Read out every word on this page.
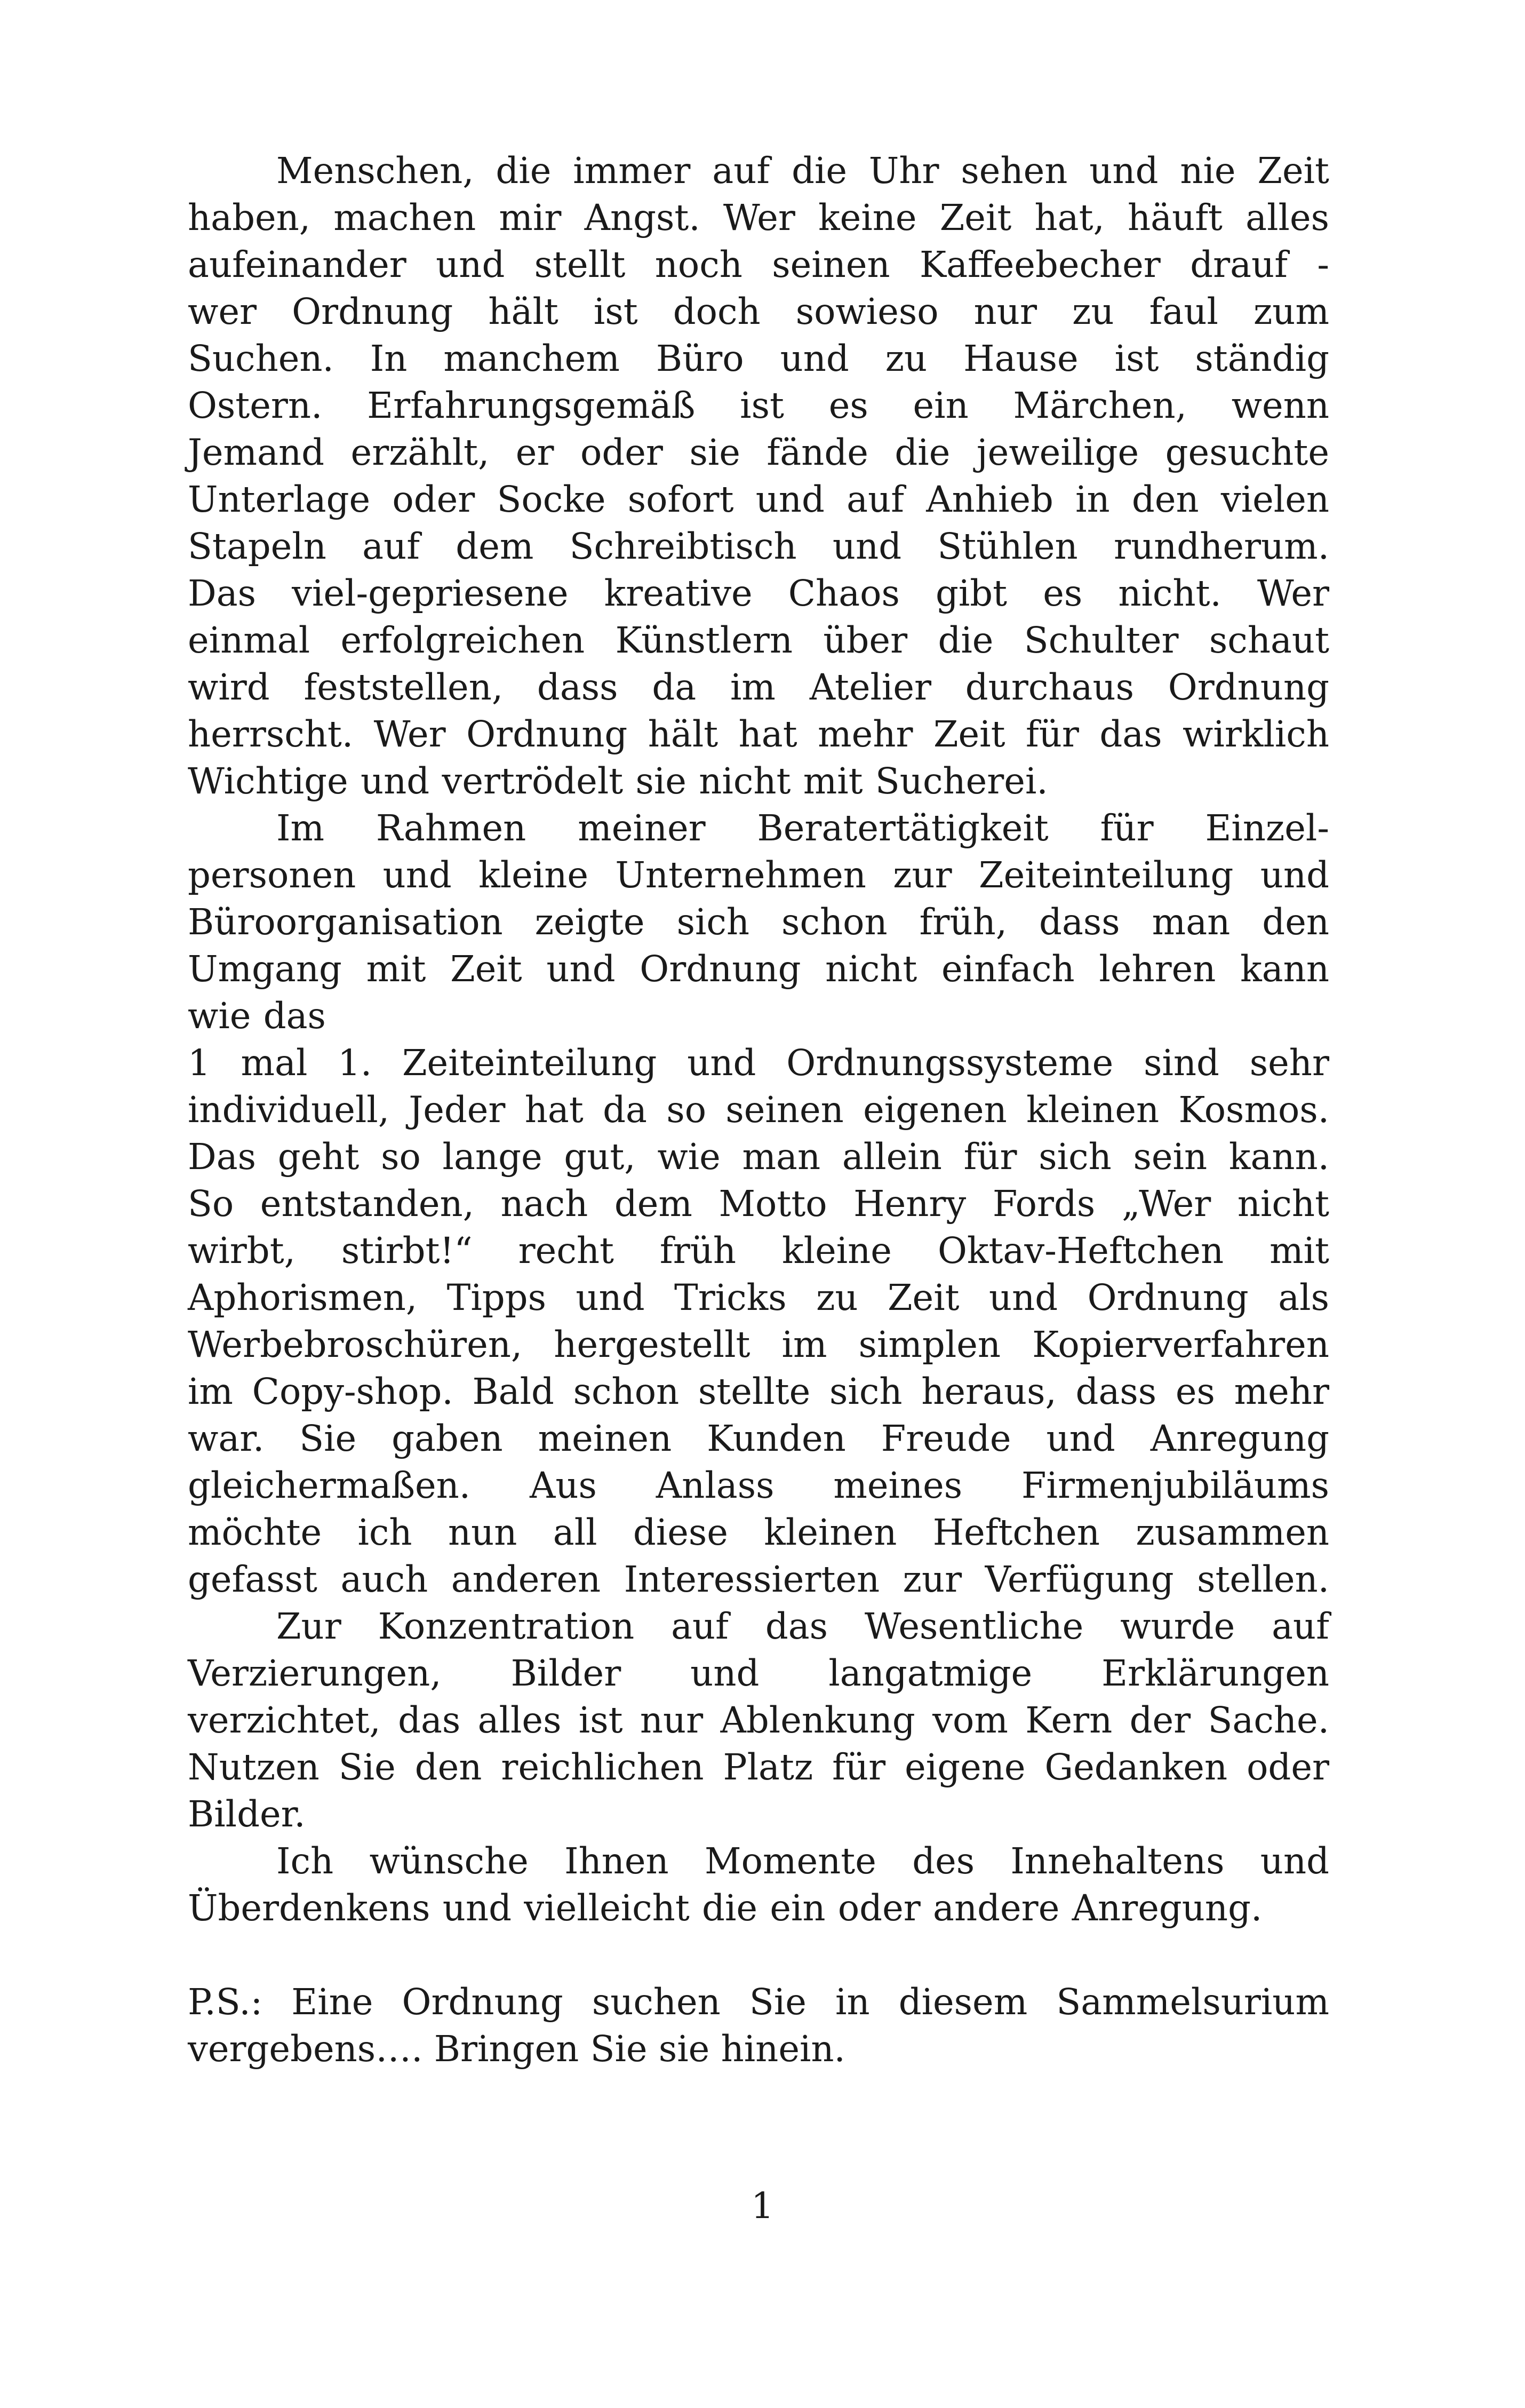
Menschen, die immer auf die Uhr sehen und nie Zeit
haben, machen mir Angst. Wer keine Zeit hat, häuft alles
aufeinander und stellt noch seinen Kaffeebecher drauf -
wer Ordnung hält ist doch sowieso nur zu faul zum
Suchen. In manchem Büro und zu Hause ist ständig
Ostern. Erfahrungsgemäß ist es ein Märchen, wenn
Jemand erzählt, er oder sie fände die jeweilige gesuchte
Unterlage oder Socke sofort und auf Anhieb in den vielen
Stapeln auf dem Schreibtisch und Stühlen rundherum.
Das viel-gepriesene kreative Chaos gibt es nicht. Wer
einmal erfolgreichen Künstlern über die Schulter schaut
wird feststellen, dass da im Atelier durchaus Ordnung
herrscht. Wer Ordnung hält hat mehr Zeit für das wirklich
Wichtige und vertrödelt sie nicht mit Sucherei.

Im Rahmen meiner Beratertätigkeit für Einzel-
personen und kleine Unternehmen zur Zeiteinteilung und
Büroorganisation zeigte sich schon früh, dass man den
Umgang mit Zeit und Ordnung nicht einfach lehren kann
wie das

1 mal 1. Zeiteinteilung und Ordnungssysteme sind sehr
individuell, Jeder hat da so seinen eigenen kleinen Kosmos.
Das geht so lange gut, wie man allein für sich sein kann.
So entstanden, nach dem Motto Henry Fords „Wer nicht
wirbt, stirbt!“ recht früh kleine Oktav-Heftchen mit
Aphorismen, Tipps und Tricks zu Zeit und Ordnung als
Werbebroschüren, hergestellt im simplen Kopierverfahren
im Copy-shop. Bald schon stellte sich heraus, dass es mehr
war. Sie gaben meinen Kunden Freude und Anregung
gleichermaßen. Aus Anlass meines Firmenjubiläums
möchte ich nun all diese kleinen Heftchen zusammen
gefasst auch anderen Interessierten zur Verfügung stellen.

Zur Konzentration auf das Wesentliche wurde auf
Verzierungen, Bilder und langatmige Erklärungen
verzichtet, das alles ist nur Ablenkung vom Kern der Sache.
Nutzen Sie den reichlichen Platz für eigene Gedanken oder
Bilder.

Ich wünsche Ihnen Momente des Innehaltens und
Überdenkens und vielleicht die ein oder andere Anregung.

P.S.: Eine Ordnung suchen Sie in diesem Sammelsurium
vergebens…. Bringen Sie sie hinein.
1
